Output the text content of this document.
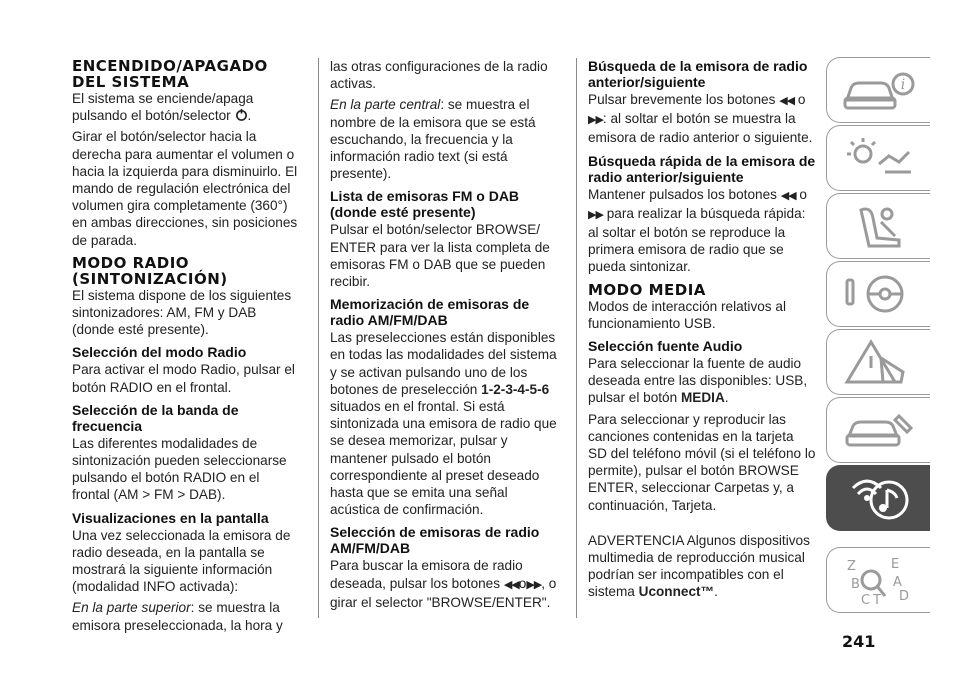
ENCENDIDO/APAGADO DEL SISTEMA

El sistema se enciende/apaga pulsando el botón/selector .

Girar el botón/selector hacia la derecha para aumentar el volumen o hacia la izquierda para disminuirlo. El mando de regulación electrónica del volumen gira completamente (360°) en ambas direcciones, sin posiciones de parada.

MODO RADIO (SINTONIZACIÓN)

El sistema dispone de los siguientes sintonizadores: AM, FM y DAB (donde esté presente).

Selección del modo Radio

Para activar el modo Radio, pulsar el botón RADIO en el frontal.

Selección de la banda de frecuencia

Las diferentes modalidades de sintonización pueden seleccionarse pulsando el botón RADIO en el frontal (AM > FM > DAB).

Visualizaciones en la pantalla

Una vez seleccionada la emisora de radio deseada, en la pantalla se mostrará la siguiente información (modalidad INFO activada):

En la parte superior: se muestra la emisora preseleccionada, la hora y

las otras configuraciones de la radio activas.

En la parte central: se muestra el nombre de la emisora que se está escuchando, la frecuencia y la información radio text (si está presente).

Lista de emisoras FM o DAB (donde esté presente)

Pulsar el botón/selector BROWSE/ ENTER para ver la lista completa de emisoras FM o DAB que se pueden recibir.

Memorización de emisoras de radio AM/FM/DAB

Las preselecciones están disponibles en todas las modalidades del sistema y se activan pulsando uno de los botones de preselección 1-2-3-4-5-6 situados en el frontal. Si está sintonizada una emisora de radio que se desea memorizar, pulsar y mantener pulsado el botón correspondiente al preset deseado hasta que se emita una señal acústica de confirmación.

Selección de emisoras de radio AM/FM/DAB

Para buscar la emisora de radio deseada, pulsar los botones ◀◀o▶▶, o girar el selector "BROWSE/ENTER".

Búsqueda de la emisora de radio anterior/siguiente

Pulsar brevemente los botones ◀◀ o ▶▶: al soltar el botón se muestra la emisora de radio anterior o siguiente.

Búsqueda rápida de la emisora de radio anterior/siguiente

Mantener pulsados los botones ◀◀ o ▶▶ para realizar la búsqueda rápida: al soltar el botón se reproduce la primera emisora de radio que se pueda sintonizar.

MODO MEDIA

Modos de interacción relativos al funcionamiento USB.

Selección fuente Audio

Para seleccionar la fuente de audio deseada entre las disponibles: USB, pulsar el botón MEDIA.

Para seleccionar y reproducir las canciones contenidas en la tarjeta SD del teléfono móvil (si el teléfono lo permite), pulsar el botón BROWSE ENTER, seleccionar Carpetas y, a continuación, Tarjeta.

ADVERTENCIA Algunos dispositivos multimedia de reproducción musical podrían ser incompatibles con el sistema Uconnect™.

i
Z	E
B	A
C T D
241
